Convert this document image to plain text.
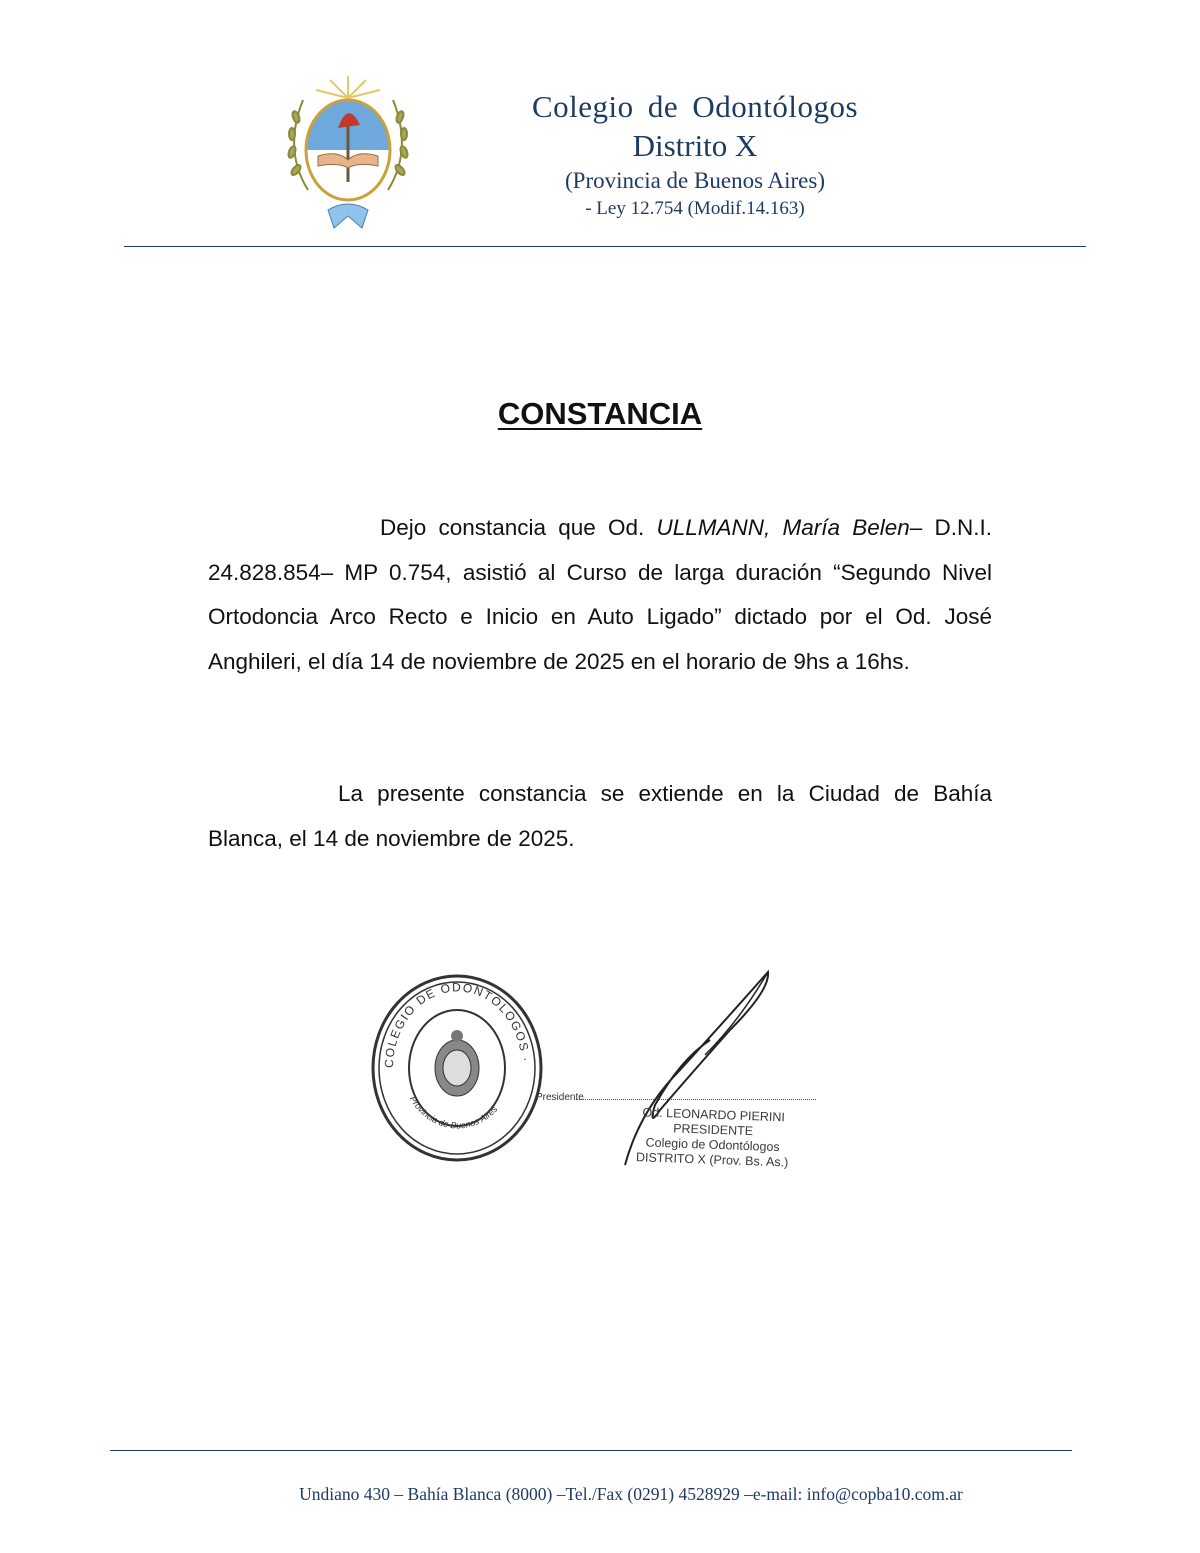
Colegio de Odontólogos
Distrito X
(Provincia de Buenos Aires)
- Ley 12.754 (Modif.14.163)
CONSTANCIA
Dejo constancia que Od. ULLMANN, María Belen– D.N.I. 24.828.854– MP 0.754, asistió al Curso de larga duración “Segundo Nivel Ortodoncia Arco Recto e Inicio en Auto Ligado” dictado por el Od. José Anghileri, el día 14 de noviembre de 2025 en el horario de 9hs a 16hs.
La presente constancia se extiende en la Ciudad de Bahía Blanca, el 14 de noviembre de 2025.
COLEGIO DE ODONTOLOGOS ·
Provincia de Buenos Aires
Presidente
Od. LEONARDO PIERINI
PRESIDENTE
Colegio de Odontólogos
DISTRITO X (Prov. Bs. As.)
Undiano 430 – Bahía Blanca (8000) –Tel./Fax (0291) 4528929 –e-mail: info@copba10.com.ar
